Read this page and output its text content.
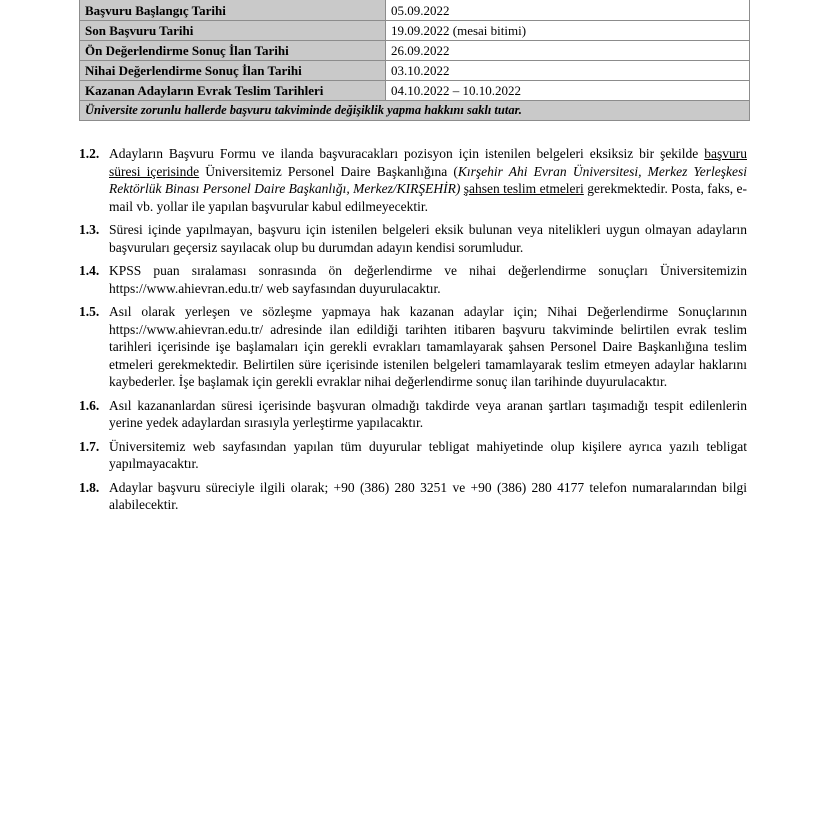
Başvuru Başlangıç Tarihi	05.09.2022
Son Başvuru Tarihi	19.09.2022 (mesai bitimi)
Ön Değerlendirme Sonuç İlan Tarihi	26.09.2022
Nihai Değerlendirme Sonuç İlan Tarihi	03.10.2022
Kazanan Adayların Evrak Teslim Tarihleri	04.10.2022 – 10.10.2022
Üniversite zorunlu hallerde başvuru takviminde değişiklik yapma hakkını saklı tutar.	
1.2. Adayların Başvuru Formu ve ilanda başvuracakları pozisyon için istenilen belgeleri eksiksiz bir şekilde başvuru süresi içerisinde Üniversitemiz Personel Daire Başkanlığına (Kırşehir Ahi Evran Üniversitesi, Merkez Yerleşkesi Rektörlük Binası Personel Daire Başkanlığı, Merkez/KIRŞEHİR) şahsen teslim etmeleri gerekmektedir. Posta, faks, e-mail vb. yollar ile yapılan başvurular kabul edilmeyecektir.
1.3. Süresi içinde yapılmayan, başvuru için istenilen belgeleri eksik bulunan veya nitelikleri uygun olmayan adayların başvuruları geçersiz sayılacak olup bu durumdan adayın kendisi sorumludur.
1.4. KPSS puan sıralaması sonrasında ön değerlendirme ve nihai değerlendirme sonuçları Üniversitemizin https://www.ahievran.edu.tr/ web sayfasından duyurulacaktır.
1.5. Asıl olarak yerleşen ve sözleşme yapmaya hak kazanan adaylar için; Nihai Değerlendirme Sonuçlarının https://www.ahievran.edu.tr/ adresinde ilan edildiği tarihten itibaren başvuru takviminde belirtilen evrak teslim tarihleri içerisinde işe başlamaları için gerekli evrakları tamamlayarak şahsen Personel Daire Başkanlığına teslim etmeleri gerekmektedir. Belirtilen süre içerisinde istenilen belgeleri tamamlayarak teslim etmeyen adaylar haklarını kaybederler. İşe başlamak için gerekli evraklar nihai değerlendirme sonuç ilan tarihinde duyurulacaktır.
1.6. Asıl kazananlardan süresi içerisinde başvuran olmadığı takdirde veya aranan şartları taşımadığı tespit edilenlerin yerine yedek adaylardan sırasıyla yerleştirme yapılacaktır.
1.7. Üniversitemiz web sayfasından yapılan tüm duyurular tebligat mahiyetinde olup kişilere ayrıca yazılı tebligat yapılmayacaktır.
1.8. Adaylar başvuru süreciyle ilgili olarak; +90 (386) 280 3251 ve +90 (386) 280 4177 telefon numaralarından bilgi alabilecektir.
